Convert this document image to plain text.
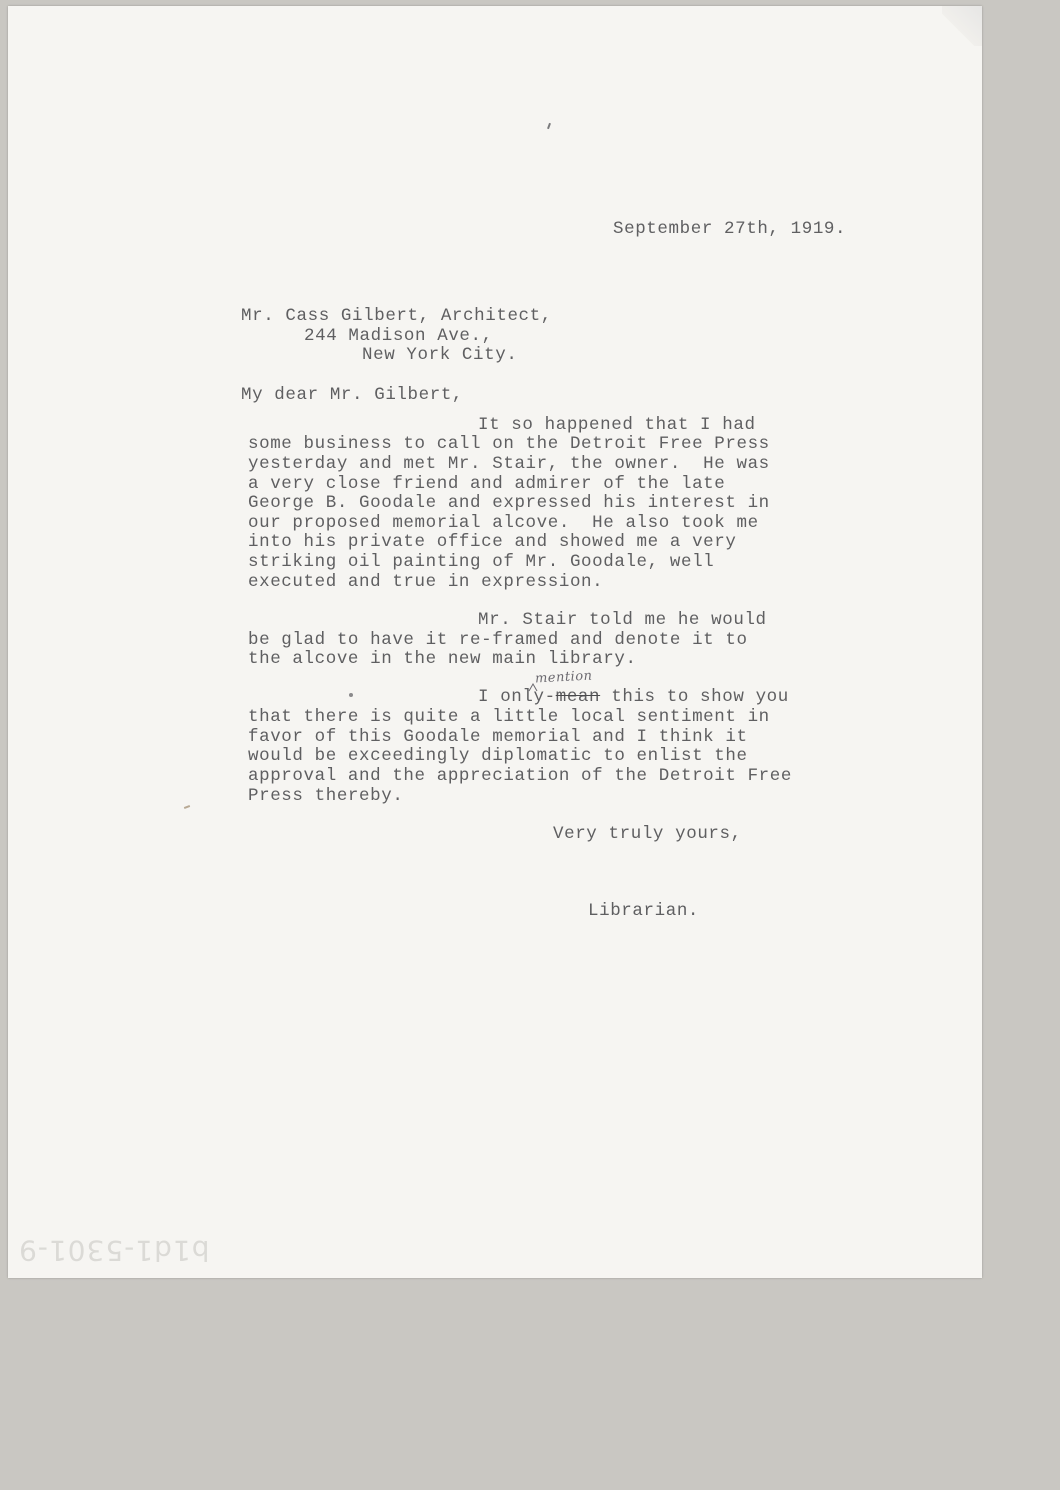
September 27th, 1919.
Mr. Cass Gilbert, Architect,
244 Madison Ave.,
New York City.
My dear Mr. Gilbert,
It so happened that I had
some business to call on the Detroit Free Press
yesterday and met Mr. Stair, the owner.  He was
a very close friend and admirer of the late
George B. Goodale and expressed his interest in
our proposed memorial alcove.  He also took me
into his private office and showed me a very
striking oil painting of Mr. Goodale, well
executed and true in expression.
Mr. Stair told me he would
be glad to have it re-framed and denote it to
the alcove in the new main library.
mention
I only-mean this to show you
that there is quite a little local sentiment in
favor of this Goodale memorial and I think it
would be exceedingly diplomatic to enlist the
approval and the appreciation of the Detroit Free
Press thereby.
Very truly yours,
Librarian.
b1d1-5301-9
